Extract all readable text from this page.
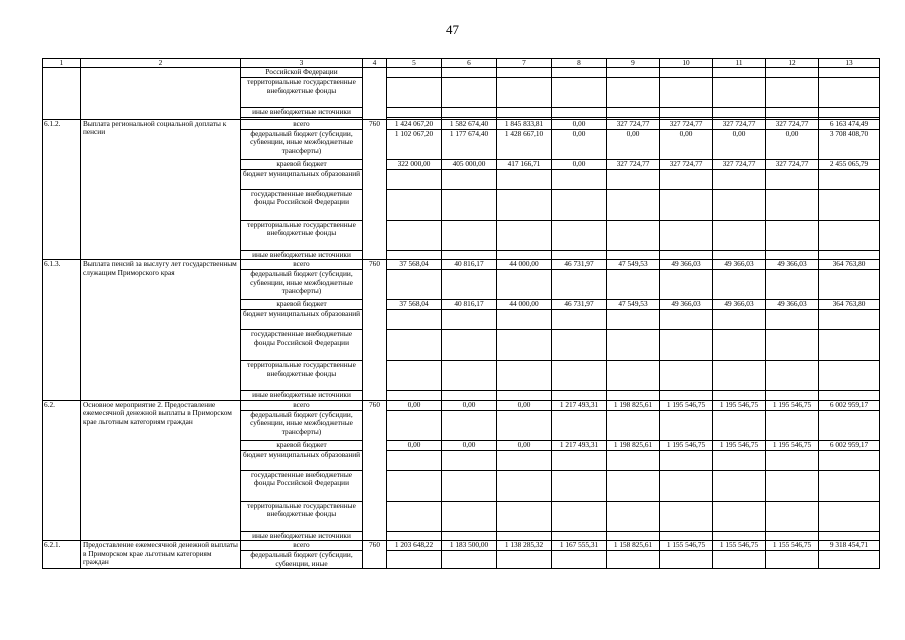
47
1	2	3	4	5	6	7	8	9	10	11	12	13
		Российской Федерации										
		территориальные государственные внебюджетные фонды										
		иные внебюджетные источники										

6.1.2.	Выплата региональной социальной доплаты к пенсии	всего	760	1 424 067,20	1 582 674,40	1 845 833,81	0,00	327 724,77	327 724,77	327 724,77	327 724,77	6 163 474,49
		федеральный бюджет (субсидии, субвенции, иные межбюджетные трансферты)		1 102 067,20	1 177 674,40	1 428 667,10	0,00	0,00	0,00	0,00	0,00	3 708 408,70
		краевой бюджет		322 000,00	405 000,00	417 166,71	0,00	327 724,77	327 724,77	327 724,77	327 724,77	2 455 065,79
		бюджет муниципальных образований										
		государственные внебюджетные фонды Российской Федерации										
		территориальные государственные внебюджетные фонды										
		иные внебюджетные источники										
6.1.3.	Выплата пенсий за выслугу лет государственным служащим Приморского края	всего	760	37 568,04	40 816,17	44 000,00	46 731,97	47 549,53	49 366,03	49 366,03	49 366,03	364 763,80
		федеральный бюджет (субсидии, субвенции, иные межбюджетные трансферты)										
		краевой бюджет		37 568,04	40 816,17	44 000,00	46 731,97	47 549,53	49 366,03	49 366,03	49 366,03	364 763,80
		бюджет муниципальных образований										
		государственные внебюджетные фонды Российской Федерации										
		территориальные государственные внебюджетные фонды										
		иные внебюджетные источники										
6.2.	Основное мероприятие 2. Предоставление ежемесячной денежной выплаты в Приморском крае льготным категориям граждан	всего	760	0,00	0,00	0,00	1 217 493,31	1 198 825,61	1 195 546,75	1 195 546,75	1 195 546,75	6 002 959,17
		федеральный бюджет (субсидии, субвенции, иные межбюджетные трансферты)										
		краевой бюджет		0,00	0,00	0,00	1 217 493,31	1 198 825,61	1 195 546,75	1 195 546,75	1 195 546,75	6 002 959,17
		бюджет муниципальных образований										
		государственные внебюджетные фонды Российской Федерации										
		территориальные государственные внебюджетные фонды										
		иные внебюджетные источники										
6.2.1.	Предоставление ежемесячной денежной выплаты в Приморском крае льготным категориям граждан	всего	760	1 203 648,22	1 183 500,00	1 138 285,32	1 167 555,31	1 158 825,61	1 155 546,75	1 155 546,75	1 155 546,75	9 318 454,71
		федеральный бюджет (субсидии, субвенции, иные										
